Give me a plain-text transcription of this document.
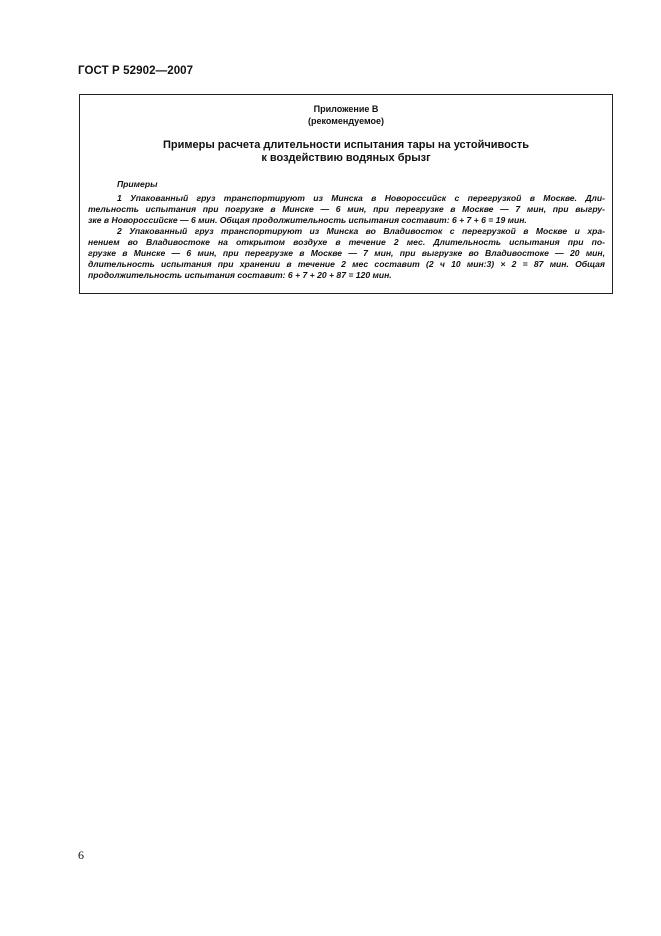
ГОСТ Р 52902—2007
Приложение В
(рекомендуемое)
Примеры расчета длительности испытания тары на устойчивость
к воздействию водяных брызг
Примеры
1 Упакованный груз транспортируют из Минска в Новороссийск с перегрузкой в Москве. Дли-
тельность испытания при погрузке в Минске — 6 мин, при перегрузке в Москве — 7 мин, при выгру-
зке в Новороссийске — 6 мин. Общая продолжительность испытания составит: 6 + 7 + 6 = 19 мин.
2 Упакованный груз транспортируют из Минска во Владивосток с перегрузкой в Москве и хра-
нением во Владивостоке на открытом воздухе в течение 2 мес. Длительность испытания при по-
грузке в Минске — 6 мин, при перегрузке в Москве — 7 мин, при выгрузке во Владивостоке — 20 мин,
длительность испытания при хранении в течение 2 мес составит (2 ч 10 мин:3) × 2 = 87 мин. Общая
продолжительность испытания составит: 6 + 7 + 20 + 87 = 120 мин.
6
